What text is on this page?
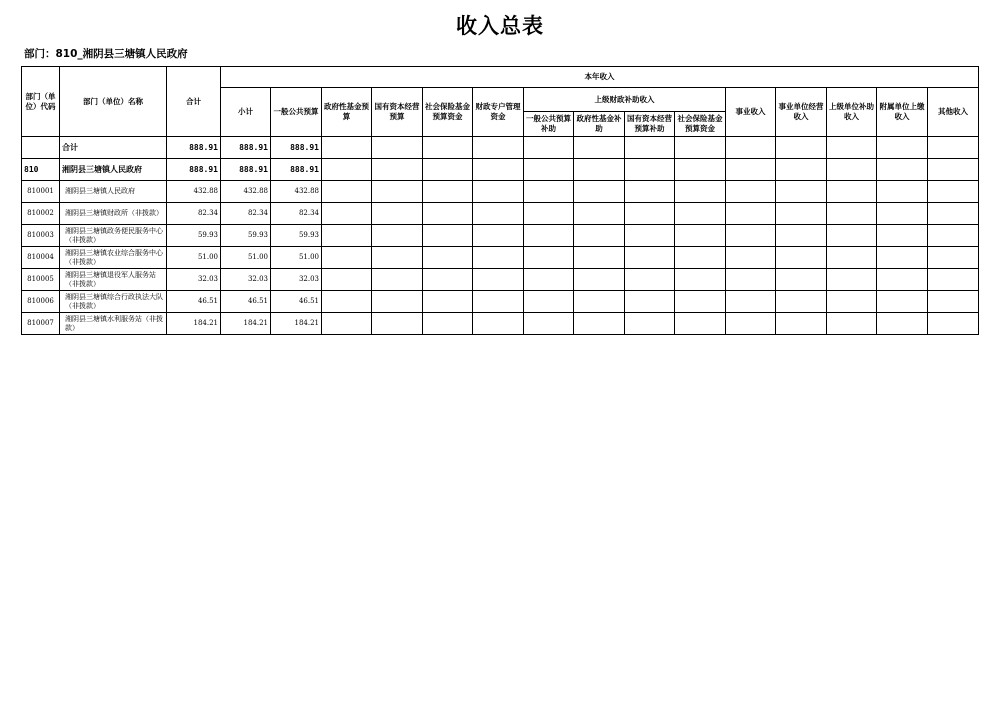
收入总表
部门：810_湘阴县三塘镇人民政府
部门（单位）代码	部门（单位）名称	合计	本年收入														
			小计	一般公共预算	政府性基金预算	国有资本经营预算	社会保险基金预算资金	财政专户管理资金	上级财政补助收入				事业收入	事业单位经营收入	上级单位补助收入	附属单位上缴收入	其他收入
									一般公共预算补助	政府性基金补助	国有资本经营预算补助	社会保险基金预算资金					
	合计	888.91	888.91	888.91													
810	湘阴县三塘镇人民政府	888.91	888.91	888.91													
810001	湘阴县三塘镇人民政府	432.88	432.88	432.88													
810002	湘阴县三塘镇财政所（非拨款）	82.34	82.34	82.34													
810003	湘阴县三塘镇政务便民服务中心（非拨款）	59.93	59.93	59.93													
810004	湘阴县三塘镇农业综合服务中心（非拨款）	51.00	51.00	51.00													
810005	湘阴县三塘镇退役军人服务站（非拨款）	32.03	32.03	32.03													
810006	湘阴县三塘镇综合行政执法大队（非拨款）	46.51	46.51	46.51													
810007	湘阴县三塘镇水利服务站（非拨款）	184.21	184.21	184.21													
